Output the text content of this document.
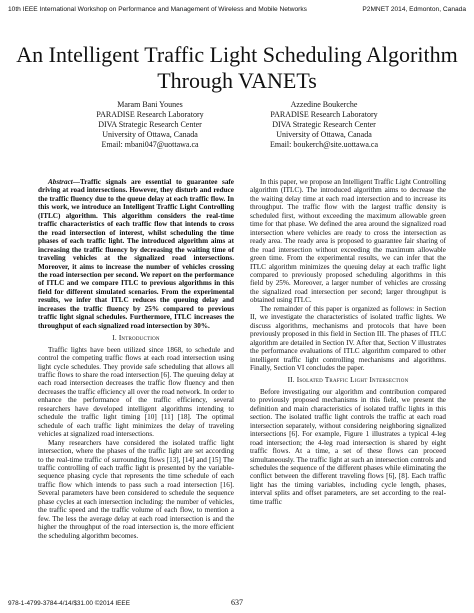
10th IEEE International Workshop on Performance and Management of Wireless and Mobile Networks	P2MNET 2014, Edmonton, Canada
An Intelligent Traffic Light Scheduling Algorithm
Through VANETs
Maram Bani Younes
PARADISE Research Laboratory
DIVA Strategic Research Center
University of Ottawa, Canada
Email: mbani047@uottawa.ca
Azzedine Boukerche
PARADISE Research Laboratory
DIVA Strategic Research Center
University of Ottawa, Canada
Email: boukerch@site.uottawa.ca

Abstract—Traffic signals are essential to guarantee safe driving at road intersections. However, they disturb and reduce the traffic fluency due to the queue delay at each traffic flow. In this work, we introduce an Intelligent Traffic Light Controlling (ITLC) algorithm. This algorithm considers the real-time traffic characteristics of each traffic flow that intends to cross the road intersection of interest, whilst scheduling the time phases of each traffic light. The introduced algorithm aims at increasing the traffic fluency by decreasing the waiting time of traveling vehicles at the signalized road intersections. Moreover, it aims to increase the number of vehicles crossing the road intersection per second. We report on the performance of ITLC and we compare ITLC to previous algorithms in this field for different simulated scenarios. From the experimental results, we infer that ITLC reduces the queuing delay and increases the traffic fluency by 25% compared to previous traffic light signal schedules. Furthermore, ITLC increases the throughput of each signalized road intersection by 30%.

I. Introduction

Traffic lights have been utilized since 1868, to schedule and control the competing traffic flows at each road intersection using light cycle schedules. They provide safe scheduling that allows all traffic flows to share the road intersection [6]. The queuing delay at each road intersection decreases the traffic flow fluency and then decreases the traffic efficiency all over the road network. In order to enhance the performance of the traffic efficiency, several researchers have developed intelligent algorithms intending to schedule the traffic light timing [10] [11] [18]. The optimal schedule of each traffic light minimizes the delay of traveling vehicles at signalized road intersections.

Many researchers have considered the isolated traffic light intersection, where the phases of the traffic light are set according to the real-time traffic of surrounding flows [13], [14] and [15] The traffic controlling of each traffic light is presented by the variable-sequence phasing cycle that represents the time schedule of each traffic flow which intends to pass such a road intersection [16]. Several parameters have been considered to schedule the sequence phase cycles at each intersection including: the number of vehicles, the traffic speed and the traffic volume of each flow, to mention a few. The less the average delay at each road intersection is and the higher the throughput of the road intersection is, the more efficient the scheduling algorithm becomes.

In this paper, we propose an Intelligent Traffic Light Controlling algorithm (ITLC). The introduced algorithm aims to decrease the the waiting delay time at each road intersection and to increase its throughput. The traffic flow with the largest traffic density is scheduled first, without exceeding the maximum allowable green time for that phase. We defined the area around the signalized road intersection where vehicles are ready to cross the intersection as ready area. The ready area is proposed to guarantee fair sharing of the road intersection without exceeding the maximum allowable green time. From the experimental results, we can infer that the ITLC algorithm minimizes the queuing delay at each traffic light compared to previously proposed scheduling algorithms in this field by 25%. Moreover, a larger number of vehicles are crossing the signalized road intersection per second; larger throughput is obtained using ITLC.

The remainder of this paper is organized as follows: in Section II, we investigate the characteristics of isolated traffic lights. We discuss algorithms, mechanisms and protocols that have been previously proposed in this field in Section III. The phases of ITLC algorithm are detailed in Section IV. After that, Section V illustrates the performance evaluations of ITLC algorithm compared to other intelligent traffic light controlling mechanisms and algorithms. Finally, Section VI concludes the paper.

II. Isolated Traffic Light Intersection

Before investigating our algorithm and contribution compared to previously proposed mechanisms in this field, we present the definition and main characteristics of isolated traffic lights in this section. The isolated traffic light controls the traffic at each road intersection separately, without considering neighboring signalized intersections [6]. For example, Figure 1 illustrates a typical 4-leg road intersection; the 4-leg road intersection is shared by eight traffic flows. At a time, a set of these flows can proceed simultaneously. The traffic light at such an intersection controls and schedules the sequence of the different phases while eliminating the conflict between the different traveling flows [6], [8]. Each traffic light has the timing variables, including cycle length, phases, interval splits and offset parameters, are set according to the real-time traffic

978-1-4799-3784-4/14/$31.00 ©2014 IEEE	637
